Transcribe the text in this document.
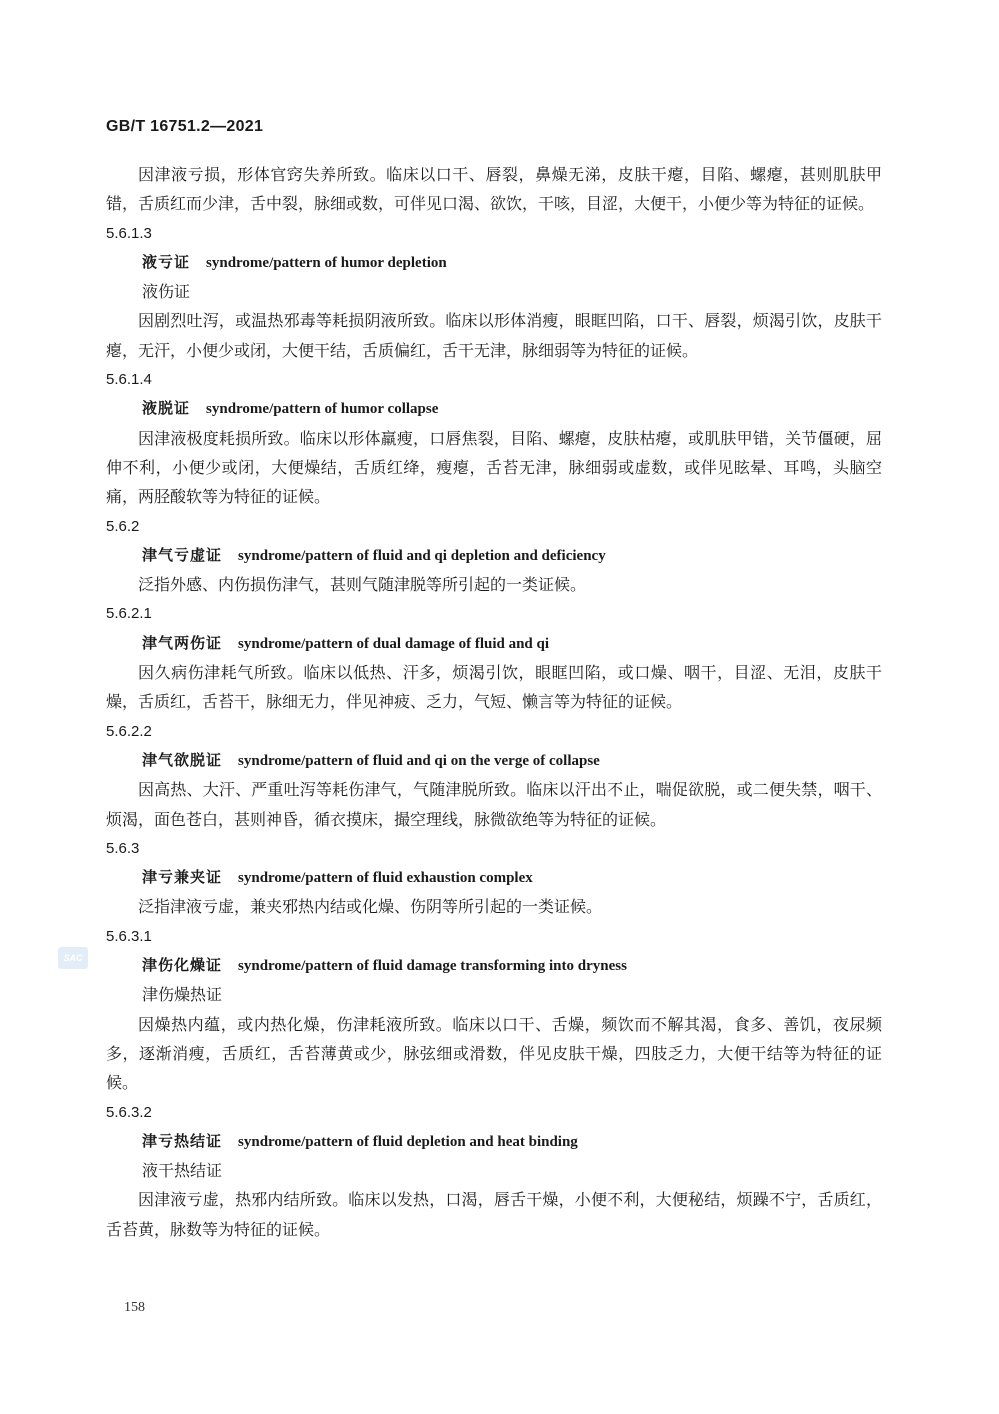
GB/T 16751.2—2021

因津液亏损，形体官窍失养所致。临床以口干、唇裂，鼻燥无涕，皮肤干瘪，目陷、螺瘪，甚则肌肤甲错，舌质红而少津，舌中裂，脉细或数，可伴见口渴、欲饮，干咳，目涩，大便干，小便少等为特征的证候。

5.6.1.3
液亏证 syndrome/pattern of humor depletion
液伤证

因剧烈吐泻，或温热邪毒等耗损阴液所致。临床以形体消瘦，眼眶凹陷，口干、唇裂，烦渴引饮，皮肤干瘪，无汗，小便少或闭，大便干结，舌质偏红，舌干无津，脉细弱等为特征的证候。

5.6.1.4
液脱证 syndrome/pattern of humor collapse

因津液极度耗损所致。临床以形体羸瘦，口唇焦裂，目陷、螺瘪，皮肤枯瘪，或肌肤甲错，关节僵硬，屈伸不利，小便少或闭，大便燥结，舌质红绛，瘦瘪，舌苔无津，脉细弱或虚数，或伴见眩晕、耳鸣，头脑空痛，两胫酸软等为特征的证候。

5.6.2
津气亏虚证 syndrome/pattern of fluid and qi depletion and deficiency

泛指外感、内伤损伤津气，甚则气随津脱等所引起的一类证候。

5.6.2.1
津气两伤证 syndrome/pattern of dual damage of fluid and qi

因久病伤津耗气所致。临床以低热、汗多，烦渴引饮，眼眶凹陷，或口燥、咽干，目涩、无泪，皮肤干燥，舌质红，舌苔干，脉细无力，伴见神疲、乏力，气短、懒言等为特征的证候。

5.6.2.2
津气欲脱证 syndrome/pattern of fluid and qi on the verge of collapse

因高热、大汗、严重吐泻等耗伤津气，气随津脱所致。临床以汗出不止，喘促欲脱，或二便失禁，咽干、烦渴，面色苍白，甚则神昏，循衣摸床，撮空理线，脉微欲绝等为特征的证候。

5.6.3
津亏兼夹证 syndrome/pattern of fluid exhaustion complex

泛指津液亏虚，兼夹邪热内结或化燥、伤阴等所引起的一类证候。

5.6.3.1
津伤化燥证 syndrome/pattern of fluid damage transforming into dryness
津伤燥热证

因燥热内蕴，或内热化燥，伤津耗液所致。临床以口干、舌燥，频饮而不解其渴，食多、善饥，夜尿频多，逐渐消瘦，舌质红，舌苔薄黄或少，脉弦细或滑数，伴见皮肤干燥，四肢乏力，大便干结等为特征的证候。

5.6.3.2
津亏热结证 syndrome/pattern of fluid depletion and heat binding
液干热结证

因津液亏虚，热邪内结所致。临床以发热，口渴，唇舌干燥，小便不利，大便秘结，烦躁不宁，舌质红，舌苔黄，脉数等为特征的证候。

SAC
158
